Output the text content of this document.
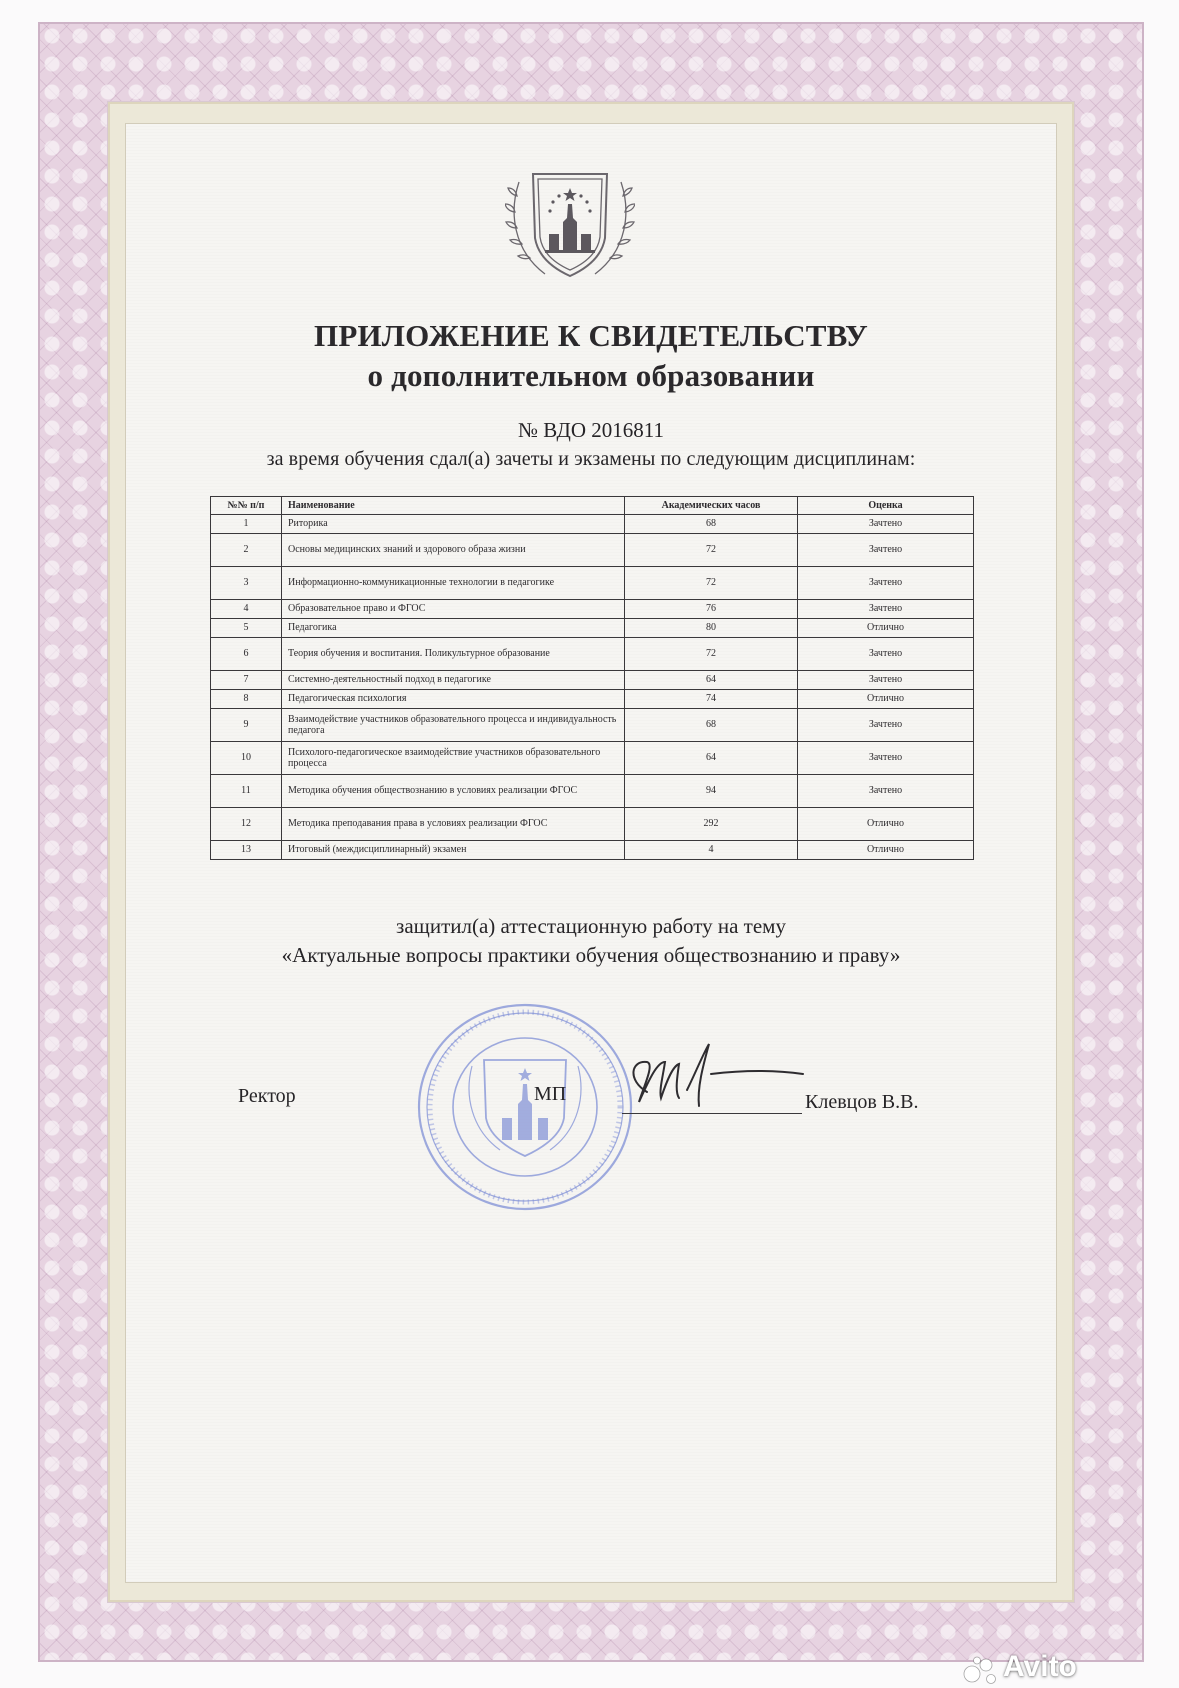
ПРИЛОЖЕНИЕ К СВИДЕТЕЛЬСТВУ
о дополнительном образовании
№ ВДО 2016811
за время обучения сдал(а) зачеты и экзамены по следующим дисциплинам:
№№ п/п	Наименование	Академических часов	Оценка
1	Риторика	68	Зачтено
2	Основы медицинских знаний и здорового образа жизни	72	Зачтено
3	Информационно-коммуникационные технологии в педагогике	72	Зачтено
4	Образовательное право и ФГОС	76	Зачтено
5	Педагогика	80	Отлично
6	Теория обучения и воспитания. Поликультурное образование	72	Зачтено
7	Системно-деятельностный подход в педагогике	64	Зачтено
8	Педагогическая психология	74	Отлично
9	Взаимодействие участников образовательного процесса и индивидуальность педагога	68	Зачтено
10	Психолого-педагогическое взаимодействие участников образовательного процесса	64	Зачтено
11	Методика обучения обществознанию в условиях реализации ФГОС	94	Зачтено
12	Методика преподавания права в условиях реализации ФГОС	292	Отлично
13	Итоговый (междисциплинарный) экзамен	4	Отлично
защитил(а) аттестационную работу на тему
«Актуальные вопросы практики обучения обществознанию и праву»
Ректор	МП	Клевцов В.В.
Avito
